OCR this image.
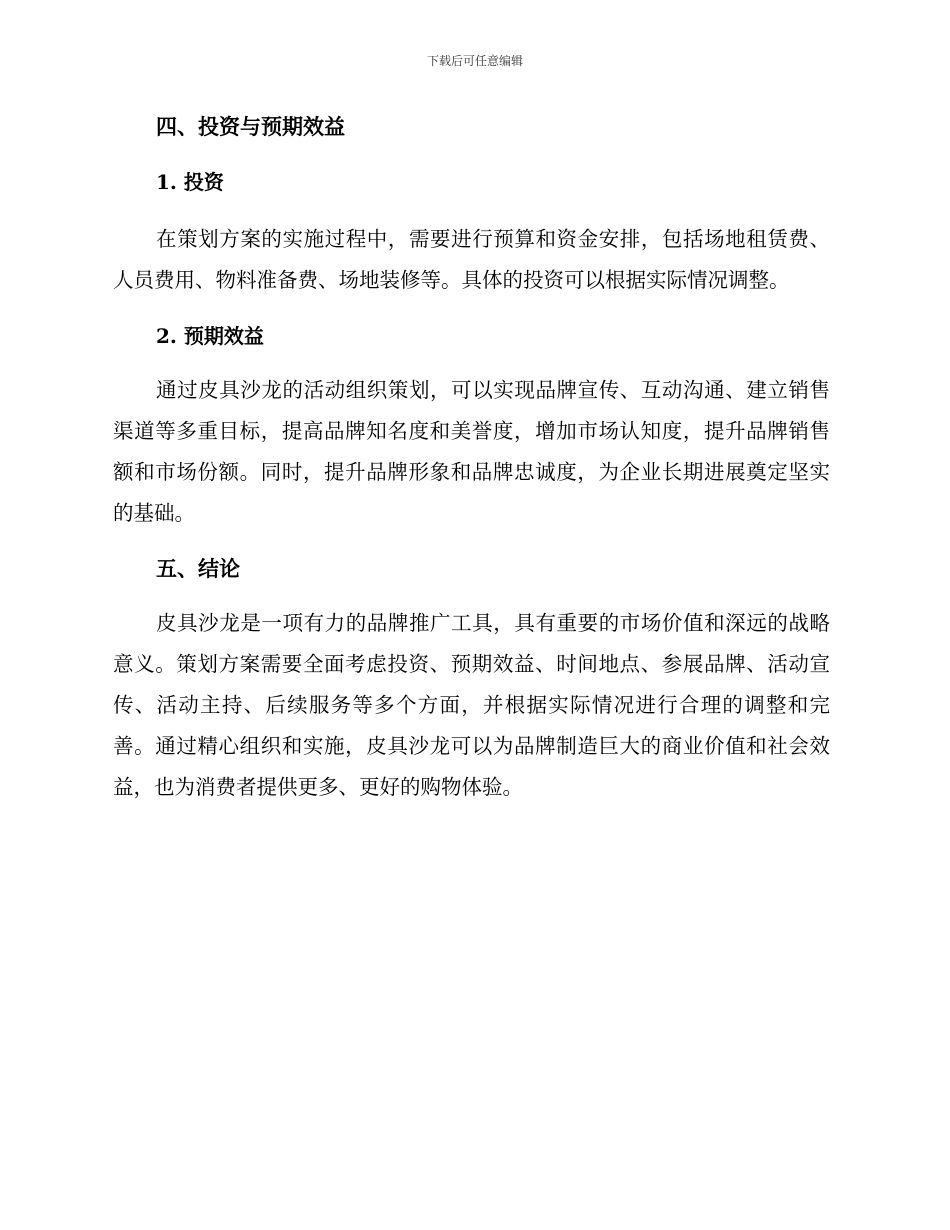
下载后可任意编辑
四、投资与预期效益
1. 投资

在策划方案的实施过程中，需要进行预算和资金安排，包括场地租赁费、人员费用、物料准备费、场地装修等。具体的投资可以根据实际情况调整。

2. 预期效益

通过皮具沙龙的活动组织策划，可以实现品牌宣传、互动沟通、建立销售渠道等多重目标，提高品牌知名度和美誉度，增加市场认知度，提升品牌销售额和市场份额。同时，提升品牌形象和品牌忠诚度，为企业长期进展奠定坚实的基础。

五、结论

皮具沙龙是一项有力的品牌推广工具，具有重要的市场价值和深远的战略意义。策划方案需要全面考虑投资、预期效益、时间地点、参展品牌、活动宣传、活动主持、后续服务等多个方面，并根据实际情况进行合理的调整和完善。通过精心组织和实施，皮具沙龙可以为品牌制造巨大的商业价值和社会效益，也为消费者提供更多、更好的购物体验。
